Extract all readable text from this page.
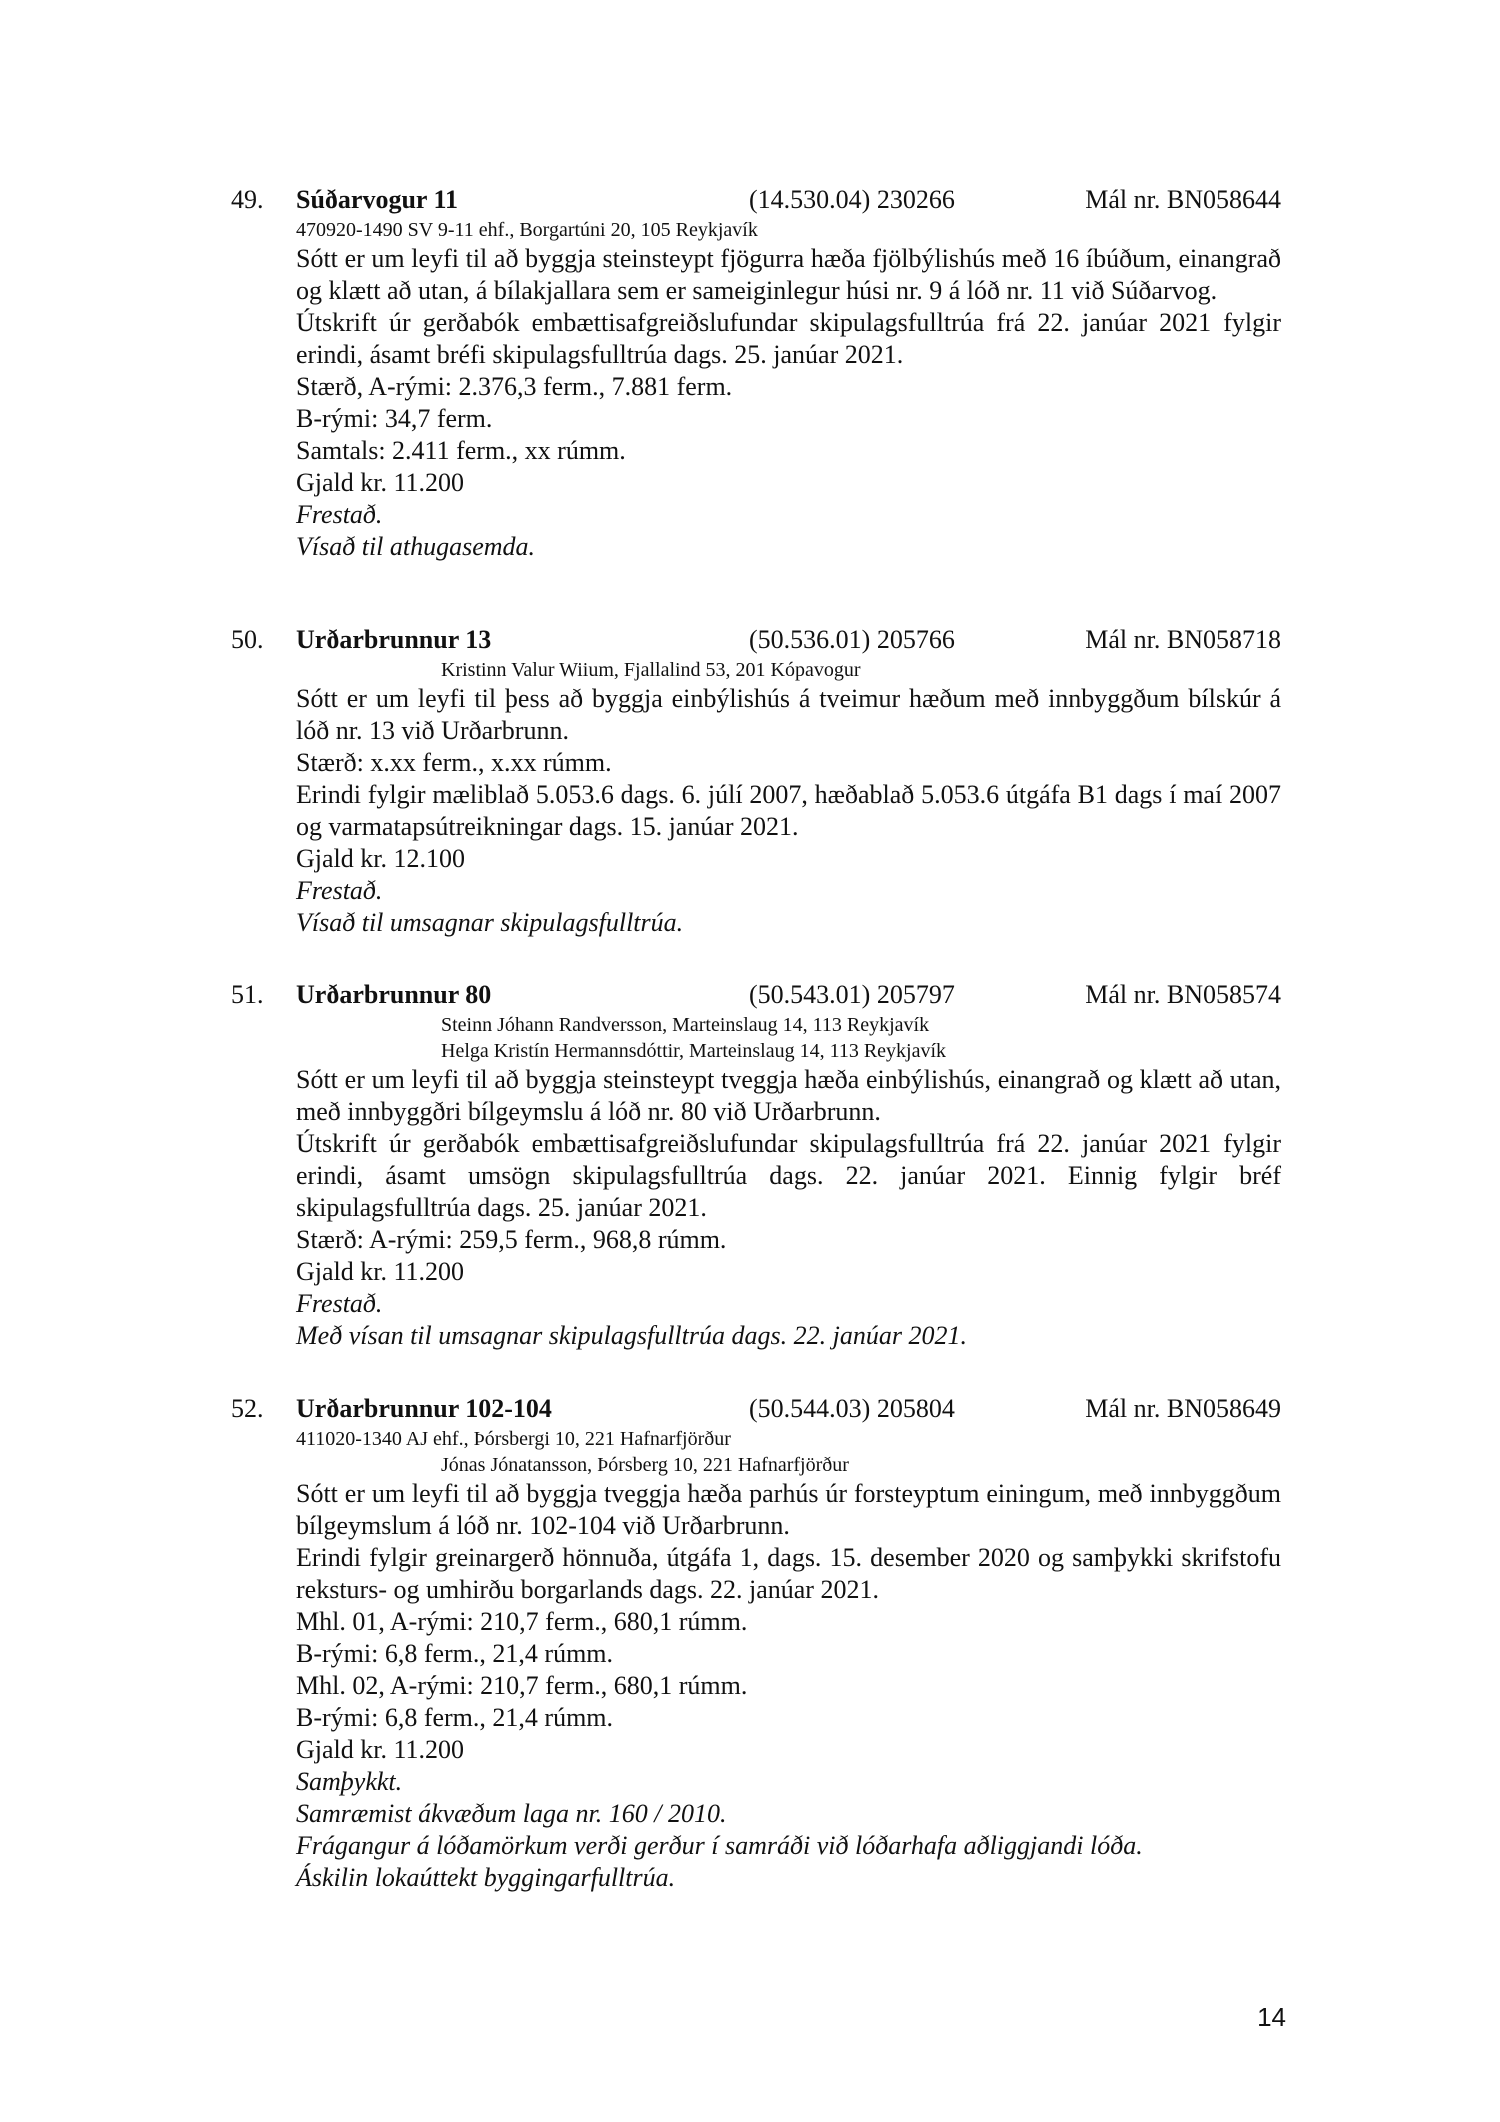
49. Súðarvogur 11	(14.530.04) 230266	Mál nr. BN058644
470920-1490 SV 9-11 ehf., Borgartúni 20, 105 Reykjavík
Sótt er um leyfi til að byggja steinsteypt fjögurra hæða fjölbýlishús með 16 íbúðum, einangrað og klætt að utan, á bílakjallara sem er sameiginlegur húsi nr. 9 á lóð nr. 11 við Súðarvog.
Útskrift úr gerðabók embættisafgreiðslufundar skipulagsfulltrúa frá 22. janúar 2021 fylgir erindi, ásamt bréfi skipulagsfulltrúa dags. 25. janúar 2021.
Stærð, A-rými: 2.376,3 ferm., 7.881 ferm.
B-rými: 34,7 ferm.
Samtals: 2.411 ferm., xx rúmm.
Gjald kr. 11.200
Frestað.
Vísað til athugasemda.
50. Urðarbrunnur 13	(50.536.01) 205766	Mál nr. BN058718
Kristinn Valur Wiium, Fjallalind 53, 201 Kópavogur
Sótt er um leyfi til þess að byggja einbýlishús á tveimur hæðum með innbyggðum bílskúr á lóð nr. 13 við Urðarbrunn.
Stærð: x.xx ferm., x.xx rúmm.
Erindi fylgir mæliblað 5.053.6 dags. 6. júlí 2007, hæðablað 5.053.6 útgáfa B1 dags í maí 2007 og varmatapsútreikningar dags. 15. janúar 2021.
Gjald kr. 12.100
Frestað.
Vísað til umsagnar skipulagsfulltrúa.
51. Urðarbrunnur 80	(50.543.01) 205797	Mál nr. BN058574
Steinn Jóhann Randversson, Marteinslaug 14, 113 Reykjavík
Helga Kristín Hermannsdóttir, Marteinslaug 14, 113 Reykjavík
Sótt er um leyfi til að byggja steinsteypt tveggja hæða einbýlishús, einangrað og klætt að utan, með innbyggðri bílgeymslu á lóð nr. 80 við Urðarbrunn.
Útskrift úr gerðabók embættisafgreiðslufundar skipulagsfulltrúa frá 22. janúar 2021 fylgir erindi, ásamt umsögn skipulagsfulltrúa dags. 22. janúar 2021. Einnig fylgir bréf skipulagsfulltrúa dags. 25. janúar 2021.
Stærð: A-rými: 259,5 ferm., 968,8 rúmm.
Gjald kr. 11.200
Frestað.
Með vísan til umsagnar skipulagsfulltrúa dags. 22. janúar 2021.
52. Urðarbrunnur 102-104	(50.544.03) 205804	Mál nr. BN058649
411020-1340 AJ ehf., Þórsbergi 10, 221 Hafnarfjörður
Jónas Jónatansson, Þórsberg 10, 221 Hafnarfjörður
Sótt er um leyfi til að byggja tveggja hæða parhús úr forsteyptum einingum, með innbyggðum bílgeymslum á lóð nr. 102-104 við Urðarbrunn.
Erindi fylgir greinargerð hönnuða, útgáfa 1, dags. 15. desember 2020 og samþykki skrifstofu reksturs- og umhirðu borgarlands dags. 22. janúar 2021.
Mhl. 01, A-rými: 210,7 ferm., 680,1 rúmm.
B-rými: 6,8 ferm., 21,4 rúmm.
Mhl. 02, A-rými: 210,7 ferm., 680,1 rúmm.
B-rými: 6,8 ferm., 21,4 rúmm.
Gjald kr. 11.200
Samþykkt.
Samræmist ákvæðum laga nr. 160 / 2010.
Frágangur á lóðamörkum verði gerður í samráði við lóðarhafa aðliggjandi lóða.
Áskilin lokaúttekt byggingarfulltrúa.
14
